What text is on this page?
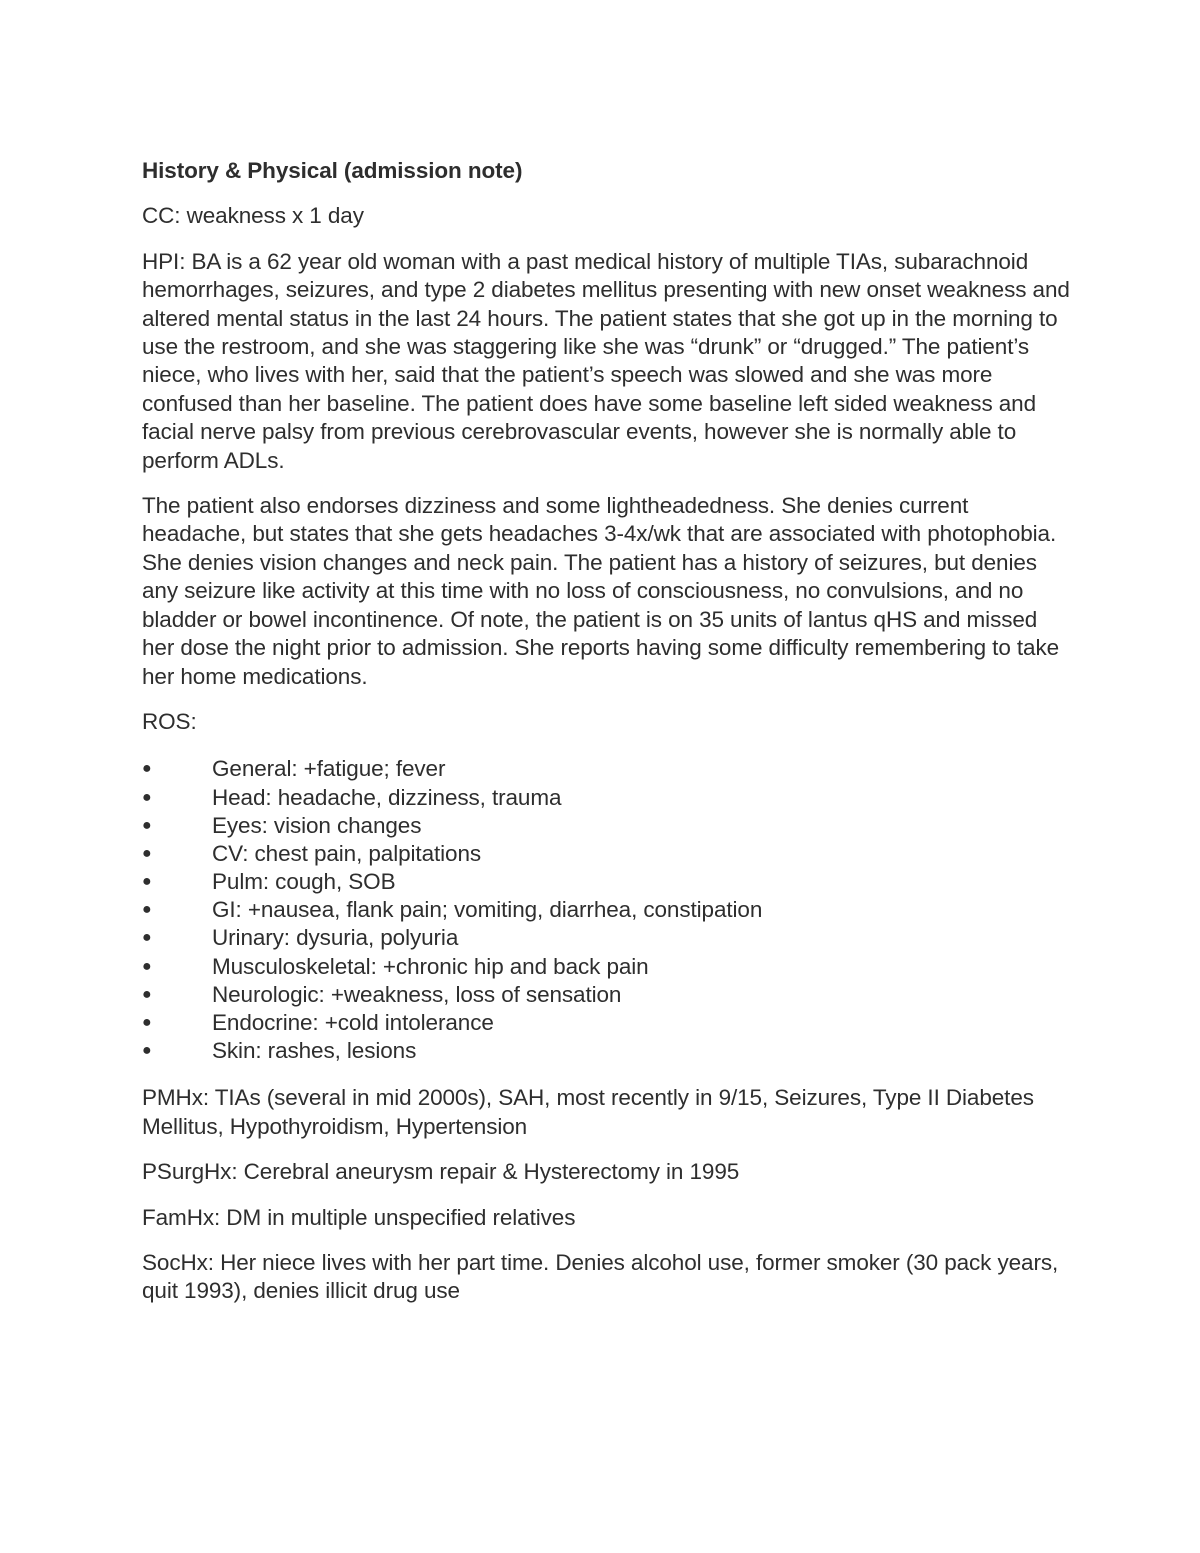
History & Physical (admission note)

CC: weakness x 1 day

HPI: BA is a 62 year old woman with a past medical history of multiple TIAs, subarachnoid hemorrhages, seizures, and type 2 diabetes mellitus presenting with new onset weakness and altered mental status in the last 24 hours. The patient states that she got up in the morning to use the restroom, and she was staggering like she was “drunk” or “drugged.” The patient’s niece, who lives with her, said that the patient’s speech was slowed and she was more confused than her baseline. The patient does have some baseline left sided weakness and facial nerve palsy from previous cerebrovascular events, however she is normally able to perform ADLs.

The patient also endorses dizziness and some lightheadedness. She denies current headache, but states that she gets headaches 3-4x/wk that are associated with photophobia. She denies vision changes and neck pain. The patient has a history of seizures, but denies any seizure like activity at this time with no loss of consciousness, no convulsions, and no bladder or bowel incontinence. Of note, the patient is on 35 units of lantus qHS and missed her dose the night prior to admission. She reports having some difficulty remembering to take her home medications.

ROS:

●	General: +fatigue; fever
●	Head: headache, dizziness, trauma
●	Eyes: vision changes
●	CV: chest pain, palpitations
●	Pulm: cough, SOB
●	GI: +nausea, flank pain; vomiting, diarrhea, constipation
●	Urinary: dysuria, polyuria
●	Musculoskeletal: +chronic hip and back pain
●	Neurologic: +weakness, loss of sensation
●	Endocrine: +cold intolerance
●	Skin: rashes, lesions

PMHx: TIAs (several in mid 2000s), SAH, most recently in 9/15, Seizures, Type II Diabetes Mellitus, Hypothyroidism, Hypertension

PSurgHx: Cerebral aneurysm repair & Hysterectomy in 1995

FamHx: DM in multiple unspecified relatives

SocHx: Her niece lives with her part time. Denies alcohol use, former smoker (30 pack years, quit 1993), denies illicit drug use
